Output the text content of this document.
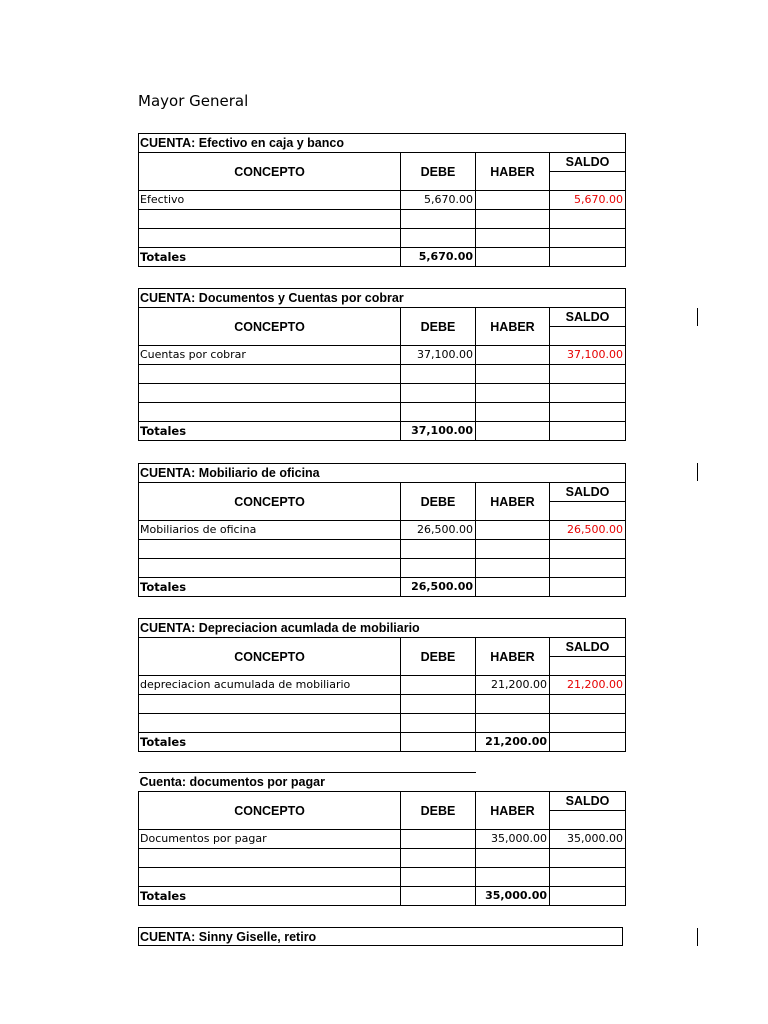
Mayor General
CUENTA: Efectivo en caja y banco			
CONCEPTO	DEBE	HABER	SALDO

Efectivo	5,670.00		5,670.00

Totales	5,670.00		
CUENTA: Documentos y Cuentas por cobrar			
CONCEPTO	DEBE	HABER	SALDO

Cuentas por cobrar	37,100.00		37,100.00

Totales	37,100.00		
CUENTA: Mobiliario de oficina			
CONCEPTO	DEBE	HABER	SALDO

Mobiliarios de oficina	26,500.00		26,500.00

Totales	26,500.00		
CUENTA: Depreciacion acumlada de mobiliario			
CONCEPTO	DEBE	HABER	SALDO

depreciacion acumulada de mobiliario		21,200.00	21,200.00

Totales		21,200.00	
Cuenta: documentos por pagar			
CONCEPTO	DEBE	HABER	SALDO

Documentos por pagar		35,000.00	35,000.00

Totales		35,000.00	
CUENTA: Sinny Giselle, retiro
